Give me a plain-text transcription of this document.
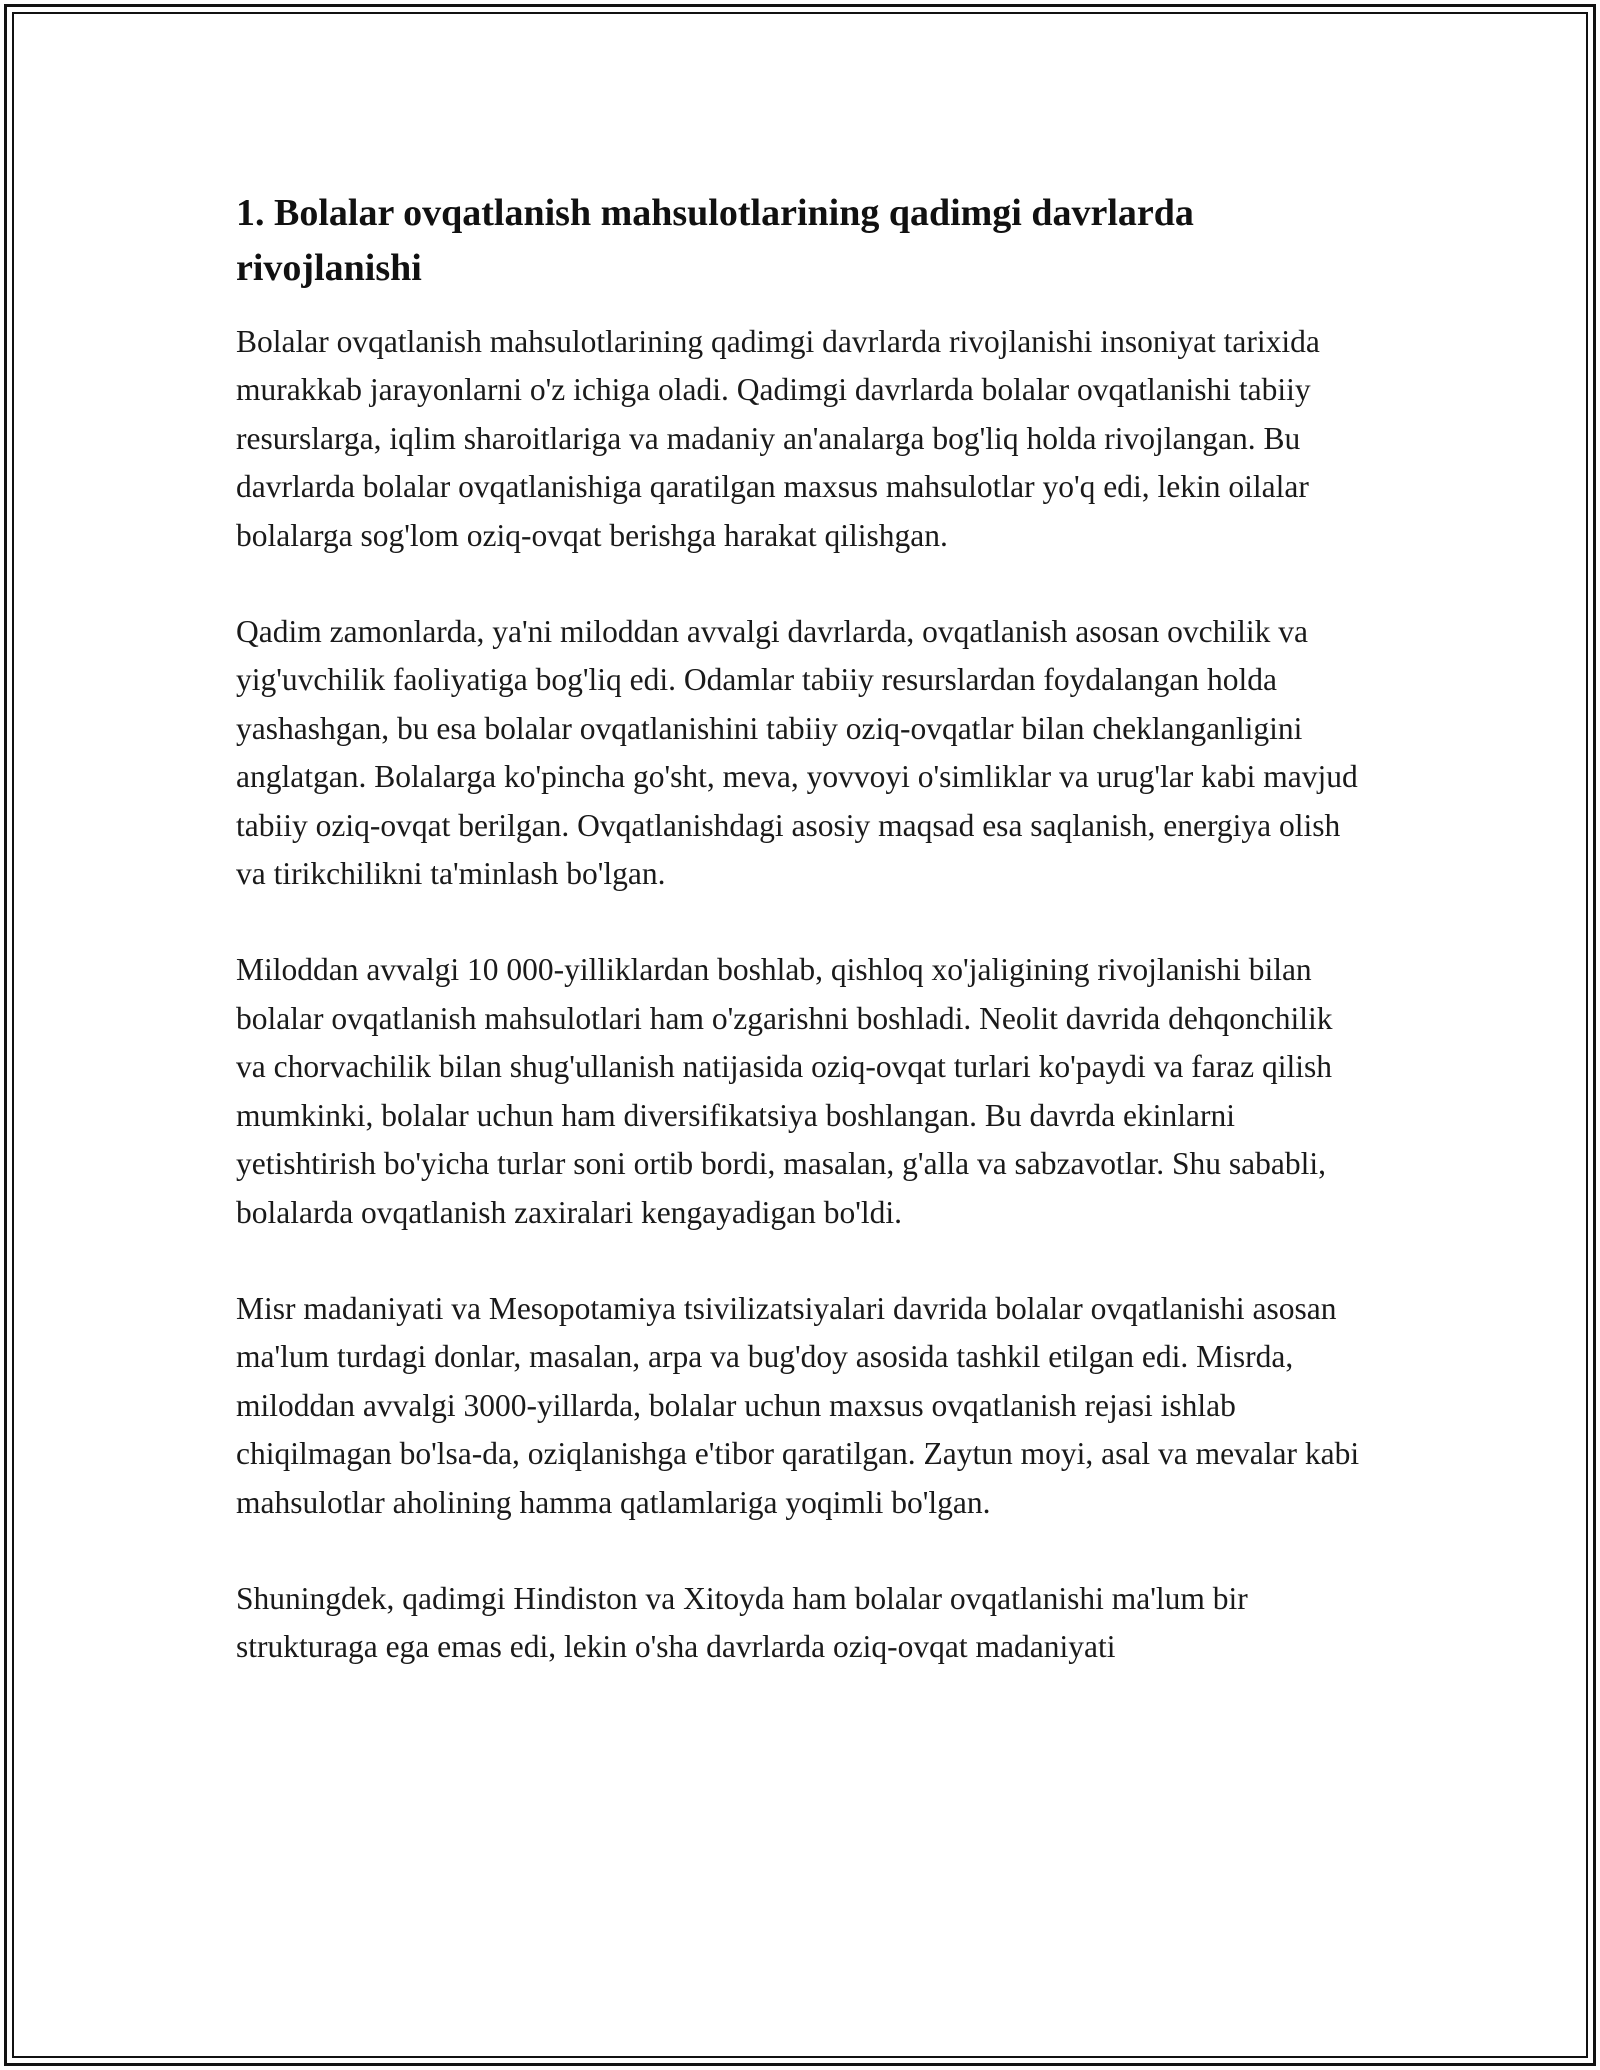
1. Bolalar ovqatlanish mahsulotlarining qadimgi davrlarda rivojlanishi

Bolalar ovqatlanish mahsulotlarining qadimgi davrlarda rivojlanishi insoniyat tarixida murakkab jarayonlarni o'z ichiga oladi. Qadimgi davrlarda bolalar ovqatlanishi tabiiy resurslarga, iqlim sharoitlariga va madaniy an'analarga bog'liq holda rivojlangan. Bu davrlarda bolalar ovqatlanishiga qaratilgan maxsus mahsulotlar yo'q edi, lekin oilalar bolalarga sog'lom oziq-ovqat berishga harakat qilishgan.

Qadim zamonlarda, ya'ni miloddan avvalgi davrlarda, ovqatlanish asosan ovchilik va yig'uvchilik faoliyatiga bog'liq edi. Odamlar tabiiy resurslardan foydalangan holda yashashgan, bu esa bolalar ovqatlanishini tabiiy oziq-ovqatlar bilan cheklanganligini anglatgan. Bolalarga ko'pincha go'sht, meva, yovvoyi o'simliklar va urug'lar kabi mavjud tabiiy oziq-ovqat berilgan. Ovqatlanishdagi asosiy maqsad esa saqlanish, energiya olish va tirikchilikni ta'minlash bo'lgan.

Miloddan avvalgi 10 000-yilliklardan boshlab, qishloq xo'jaligining rivojlanishi bilan bolalar ovqatlanish mahsulotlari ham o'zgarishni boshladi. Neolit davrida dehqonchilik va chorvachilik bilan shug'ullanish natijasida oziq-ovqat turlari ko'paydi va faraz qilish mumkinki, bolalar uchun ham diversifikatsiya boshlangan. Bu davrda ekinlarni yetishtirish bo'yicha turlar soni ortib bordi, masalan, g'alla va sabzavotlar. Shu sababli, bolalarda ovqatlanish zaxiralari kengayadigan bo'ldi.

Misr madaniyati va Mesopotamiya tsivilizatsiyalari davrida bolalar ovqatlanishi asosan ma'lum turdagi donlar, masalan, arpa va bug'doy asosida tashkil etilgan edi. Misrda, miloddan avvalgi 3000-yillarda, bolalar uchun maxsus ovqatlanish rejasi ishlab chiqilmagan bo'lsa-da, oziqlanishga e'tibor qaratilgan. Zaytun moyi, asal va mevalar kabi mahsulotlar aholining hamma qatlamlariga yoqimli bo'lgan.

Shuningdek, qadimgi Hindiston va Xitoyda ham bolalar ovqatlanishi ma'lum bir strukturaga ega emas edi, lekin o'sha davrlarda oziq-ovqat madaniyati
